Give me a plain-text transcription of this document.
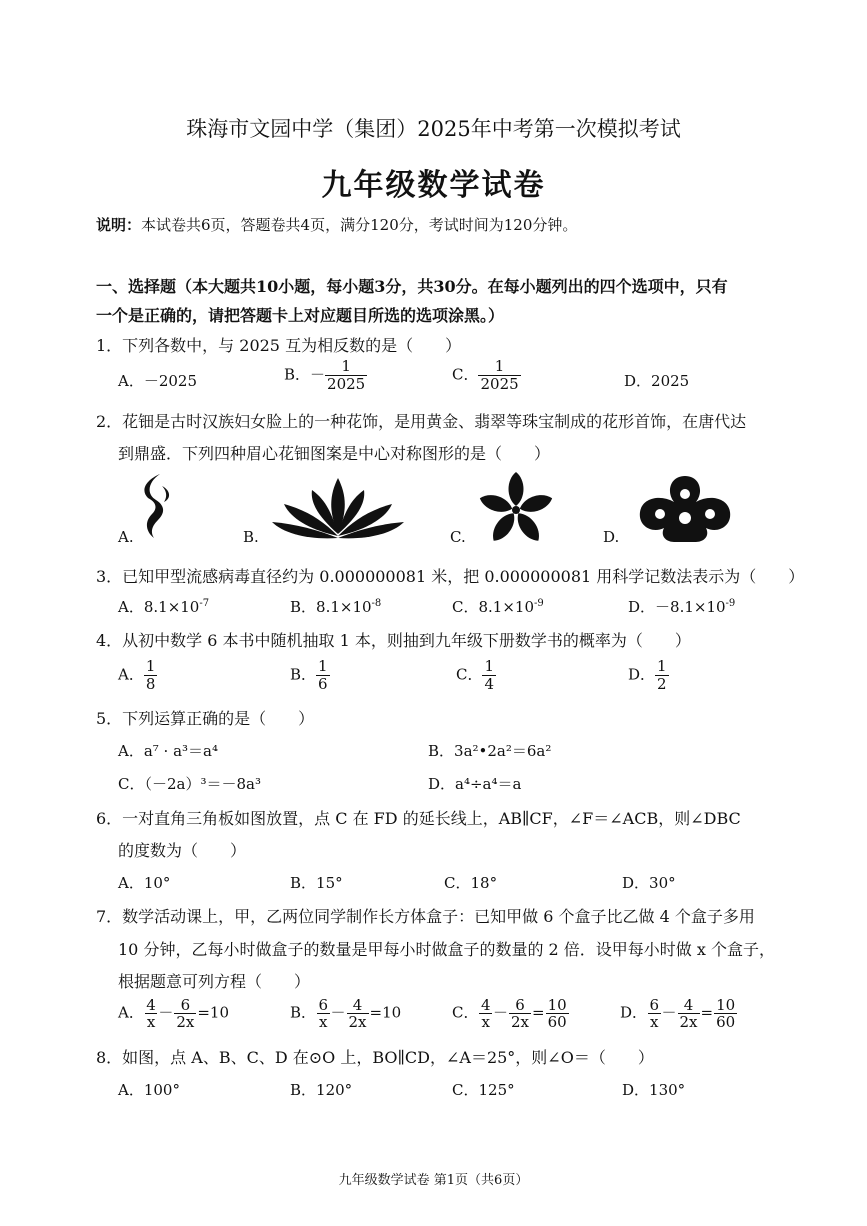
珠海市文园中学（集团）2025年中考第一次模拟考试
九年级数学试卷
说明：本试卷共6页，答题卷共4页，满分120分，考试时间为120分钟。
一、选择题（本大题共10小题，每小题3分，共30分。在每小题列出的四个选项中，只有
一个是正确的，请把答题卡上对应题目所选的选项涂黑。）
1．下列各数中，与 2025 互为相反数的是（　　）
A．－2025	B．－ $\frac{1}{2025}$	C． $\frac{1}{2025}$	D．2025
2．花钿是古时汉族妇女脸上的一种花饰，是用黄金、翡翠等珠宝制成的花形首饰，在唐代达
到鼎盛．下列四种眉心花钿图案是中心对称图形的是（　　）
A.	B.	C.	D.
3．已知甲型流感病毒直径约为 0.000000081 米，把 0.000000081 用科学记数法表示为（　　）
A．$8.1\times 10^{-7}$	B．$8.1\times 10^{-8}$	C．$8.1\times 10^{-9}$	D．$-8.1\times 10^{-9}$
4．从初中数学 6 本书中随机抽取 1 本，则抽到九年级下册数学书的概率为（　　）
A． $\frac{1}{8}$	B． $\frac{1}{6}$	C． $\frac{1}{4}$	D． $\frac{1}{2}$
5．下列运算正确的是（　　）
A．a⁷ · a³＝a⁴	B．3a²•2a²＝6a²
C．（－2a）³＝－8a³	D．a⁴÷a⁴＝a
6．一对直角三角板如图放置，点 C 在 FD 的延长线上，AB∥CF，∠F＝∠ACB，则∠DBC
的度数为（　　）
A．10°	B．15°	C．18°	D．30°
7．数学活动课上，甲，乙两位同学制作长方体盒子：已知甲做 6 个盒子比乙做 4 个盒子多用
10 分钟，乙每小时做盒子的数量是甲每小时做盒子的数量的 2 倍．设甲每小时做 x 个盒子，
根据题意可列方程（　　）
A． $\frac{4}{x} - \frac{6}{2x} =10$	B． $\frac{6}{x} - \frac{4}{2x} =10$	C． $\frac{4}{x} - \frac{6}{2x} = \frac{10}{60}$	D． $\frac{6}{x} - \frac{4}{2x} = \frac{10}{60}$
8．如图，点 A、B、C、D 在⊙O 上，BO∥CD，∠A＝25°，则∠O＝（　　）
A．100°	B．120°	C．125°	D．130°
九年级数学试卷 第1页（共6页）
